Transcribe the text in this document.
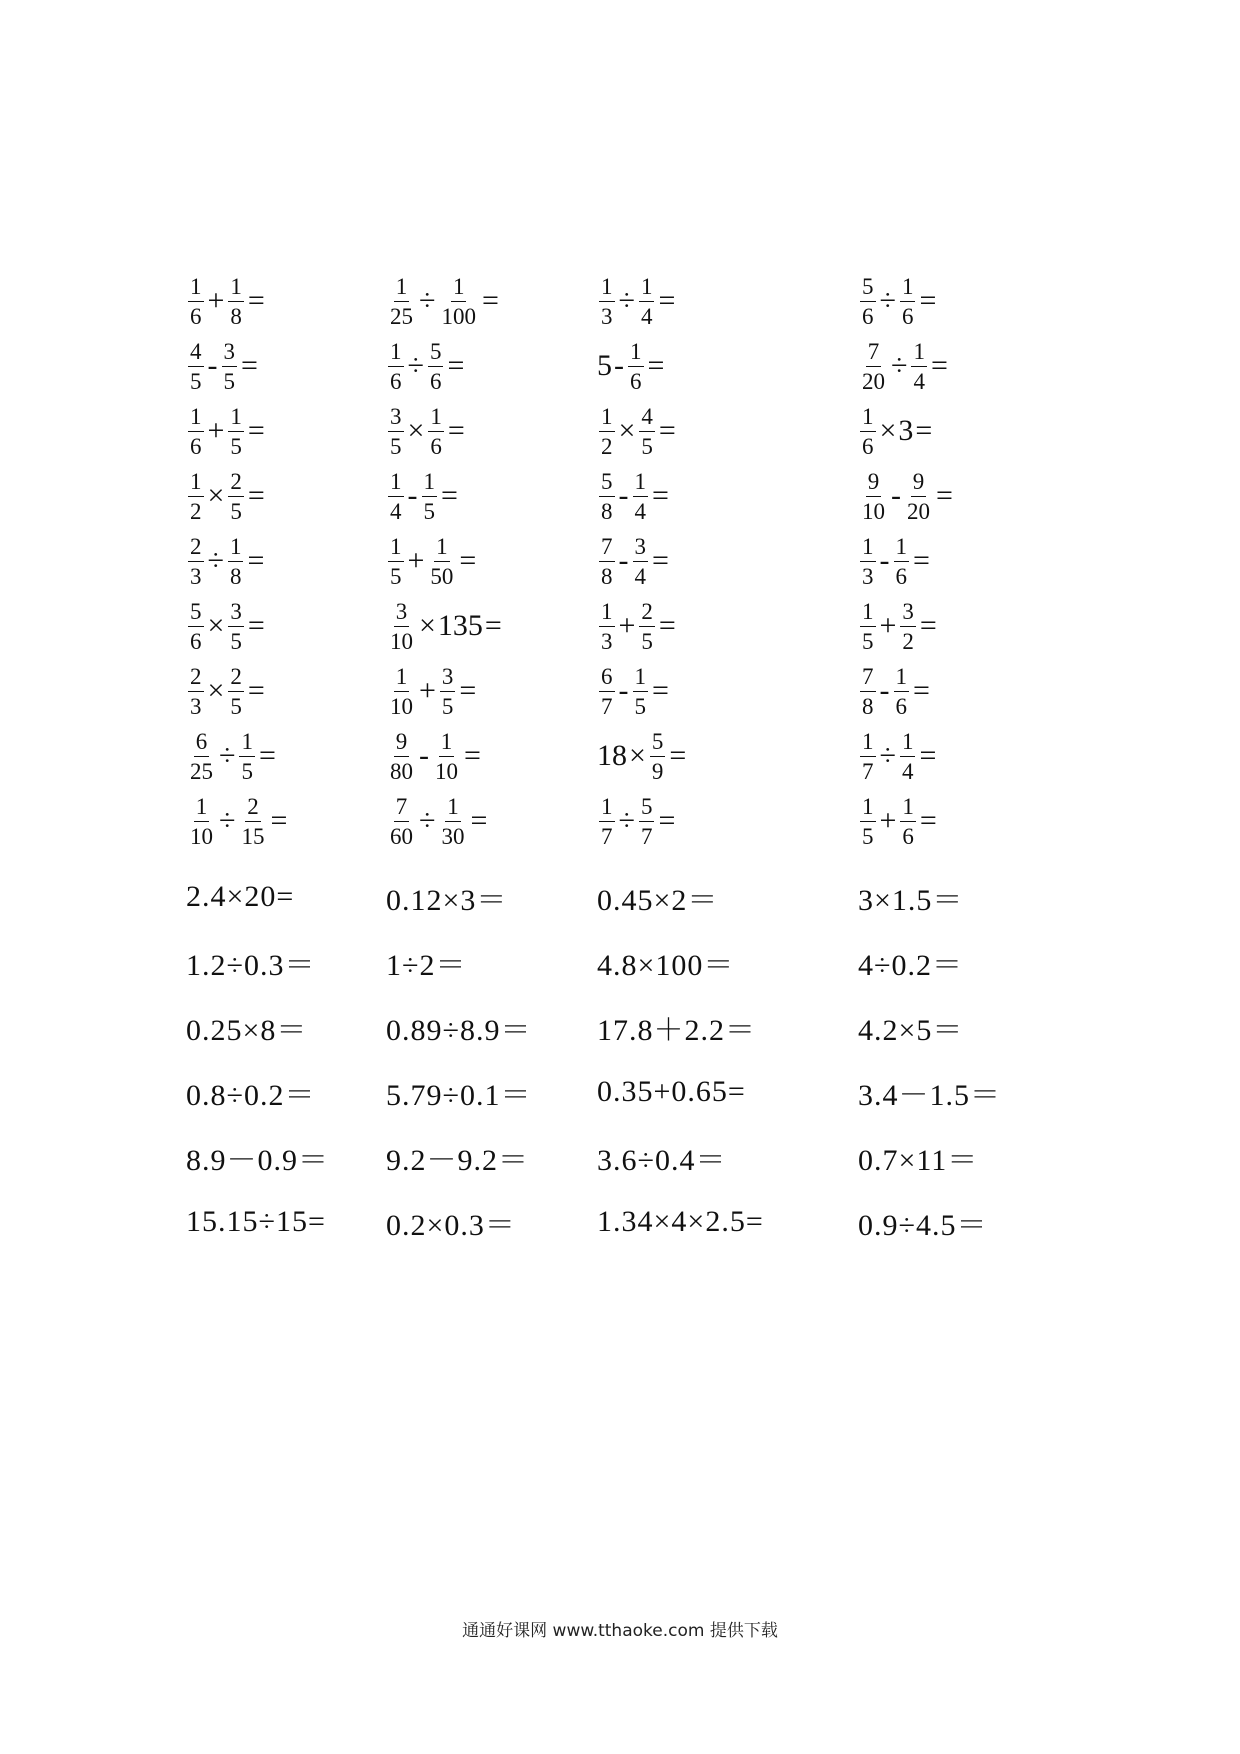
$\frac{1}{6} + \frac{1}{8}$ =	$\frac{1}{25} \div \frac{1}{100}$ =	$\frac{1}{3} \div \frac{1}{4}$ =	$\frac{5}{6} \div \frac{1}{6}$ =
$\frac{4}{5} - \frac{3}{5}$ =	$\frac{1}{6} \div \frac{5}{6}$ =	$5 - \frac{1}{6}$ =	$\frac{7}{20} \div \frac{1}{4}$ =
$\frac{1}{6} + \frac{1}{5}$ =	$\frac{3}{5} \times \frac{1}{6}$ =	$\frac{1}{2} \times \frac{4}{5}$ =	$\frac{1}{6} \times 3$ =
$\frac{1}{2} \times \frac{2}{5}$ =	$\frac{1}{4} - \frac{1}{5}$ =	$\frac{5}{8} - \frac{1}{4}$ =	$\frac{9}{10} - \frac{9}{20}$ =
$\frac{2}{3} \div \frac{1}{8}$ =	$\frac{1}{5} + \frac{1}{50}$ =	$\frac{7}{8} - \frac{3}{4}$ =	$\frac{1}{3} - \frac{1}{6}$ =
$\frac{5}{6} \times \frac{3}{5}$ =	$\frac{3}{10} \times 135$ =	$\frac{1}{3} + \frac{2}{5}$ =	$\frac{1}{5} + \frac{3}{2}$ =
$\frac{2}{3} \times \frac{2}{5}$ =	$\frac{1}{10} + \frac{3}{5}$ =	$\frac{6}{7} - \frac{1}{5}$ =	$\frac{7}{8} - \frac{1}{6}$ =
$\frac{6}{25} \div \frac{1}{5}$ =	$\frac{9}{80} - \frac{1}{10}$ =	$18 \times \frac{5}{9}$ =	$\frac{1}{7} \div \frac{1}{4}$ =
$\frac{1}{10} \div \frac{2}{15}$ =	$\frac{7}{60} \div \frac{1}{30}$ =	$\frac{1}{7} \div \frac{5}{7}$ =	$\frac{1}{5} + \frac{1}{6}$ =
2.4×20=	0.12×3＝	0.45×2＝	3×1.5＝
1.2÷0.3＝ 1÷2＝	4.8×100＝	4÷0.2＝
0.25×8＝	0.89÷8.9＝ 17.8＋2.2＝	4.2×5＝
0.8÷0.2＝ 5.79÷0.1＝ 0.35+0.65=	3.4－1.5＝
8.9－0.9＝ 9.2－9.2＝ 3.6÷0.4＝	0.7×11＝
15.15÷15= 0.2×0.3＝	1.34×4×2.5=	0.9÷4.5＝
通通好课网 www.tthaoke.com 提供下载
